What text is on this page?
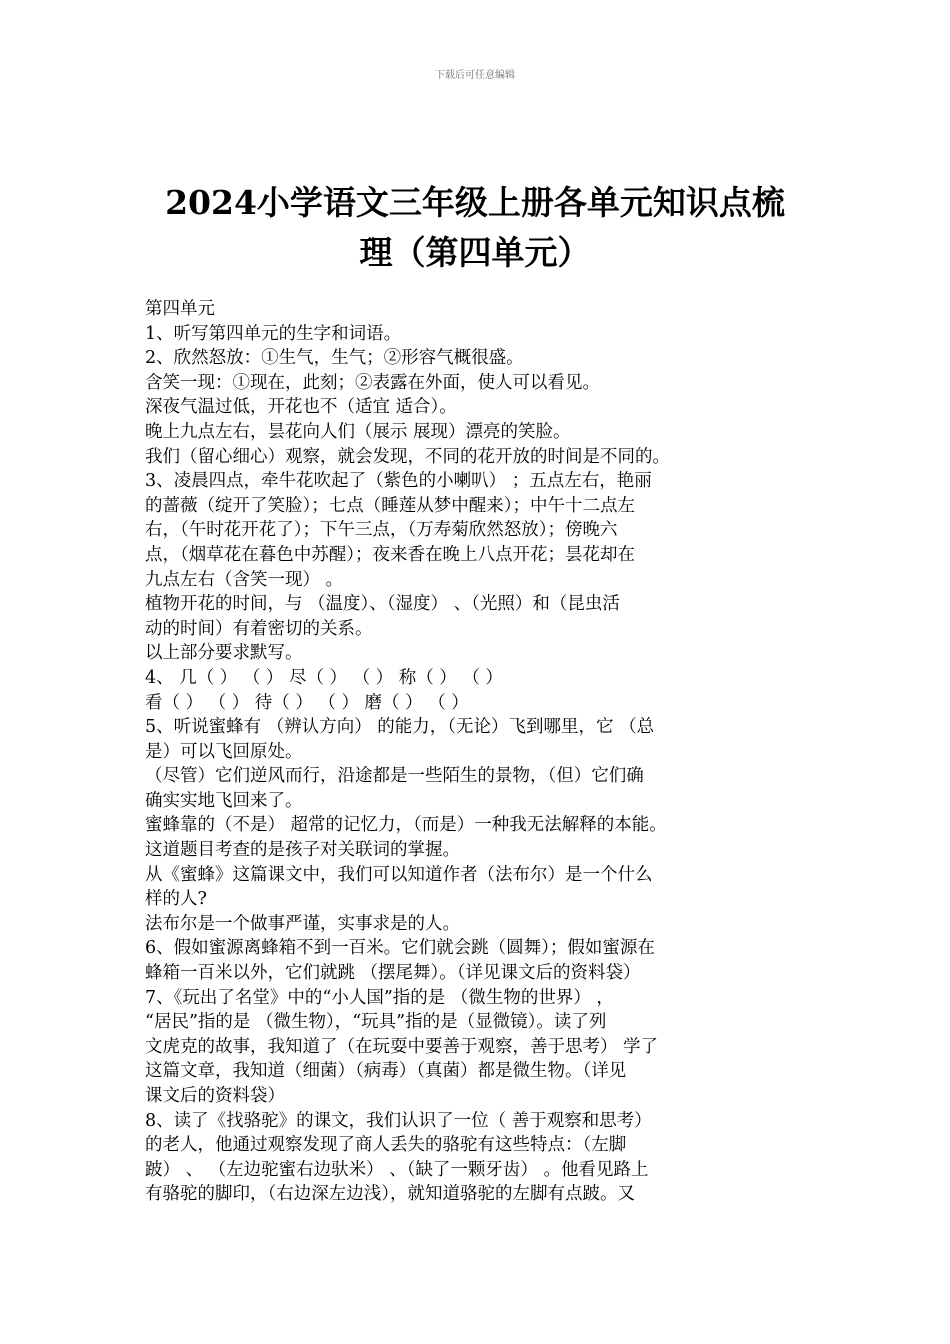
下载后可任意编辑
2024小学语文三年级上册各单元知识点梳
理（第四单元）
第四单元
1、听写第四单元的生字和词语。
2、欣然怒放：①生气，生气；②形容气概很盛。
含笑一现：①现在，此刻；②表露在外面，使人可以看见。
深夜气温过低，开花也不（适宜 适合）。
晚上九点左右，昙花向人们（展示 展现）漂亮的笑脸。
我们（留心细心）观察，就会发现，不同的花开放的时间是不同的。
3、凌晨四点，牵牛花吹起了（紫色的小喇叭） ；五点左右，艳丽
的蔷薇（绽开了笑脸）；七点（睡莲从梦中醒来）；中午十二点左
右，（午时花开花了）；下午三点，（万寿菊欣然怒放）；傍晚六
点，（烟草花在暮色中苏醒）；夜来香在晚上八点开花；昙花却在
九点左右（含笑一现） 。
植物开花的时间，与 （温度）、（湿度） 、（光照）和（昆虫活
动的时间）有着密切的关系。
以上部分要求默写。
4、 几（ ） （ ） 尽（ ） （ ） 称（ ） （ ）
看（ ） （ ） 待（ ） （ ） 磨（ ） （ ）
5、听说蜜蜂有 （辨认方向） 的能力，（无论）飞到哪里，它 （总
是）可以飞回原处。
（尽管）它们逆风而行，沿途都是一些陌生的景物，（但）它们确
确实实地飞回来了。
蜜蜂靠的（不是） 超常的记忆力，（而是）一种我无法解释的本能。
这道题目考查的是孩子对关联词的掌握。
从《蜜蜂》这篇课文中，我们可以知道作者（法布尔）是一个什么
样的人?
法布尔是一个做事严谨，实事求是的人。
6、假如蜜源离蜂箱不到一百米。它们就会跳（圆舞）；假如蜜源在
蜂箱一百米以外，它们就跳 （摆尾舞）。（详见课文后的资料袋）
7、《玩出了名堂》中的“小人国”指的是 （微生物的世界） ，
“居民”指的是 （微生物），“玩具”指的是（显微镜）。读了列
文虎克的故事，我知道了（在玩耍中要善于观察，善于思考） 学了
这篇文章，我知道（细菌）（病毒）（真菌）都是微生物。（详见
课文后的资料袋）
8、读了《找骆驼》的课文，我们认识了一位（ 善于观察和思考）
的老人，他通过观察发现了商人丢失的骆驼有这些特点：（左脚
跛） 、 （左边驼蜜右边驮米） 、（缺了一颗牙齿） 。他看见路上
有骆驼的脚印，（右边深左边浅），就知道骆驼的左脚有点跛。又
